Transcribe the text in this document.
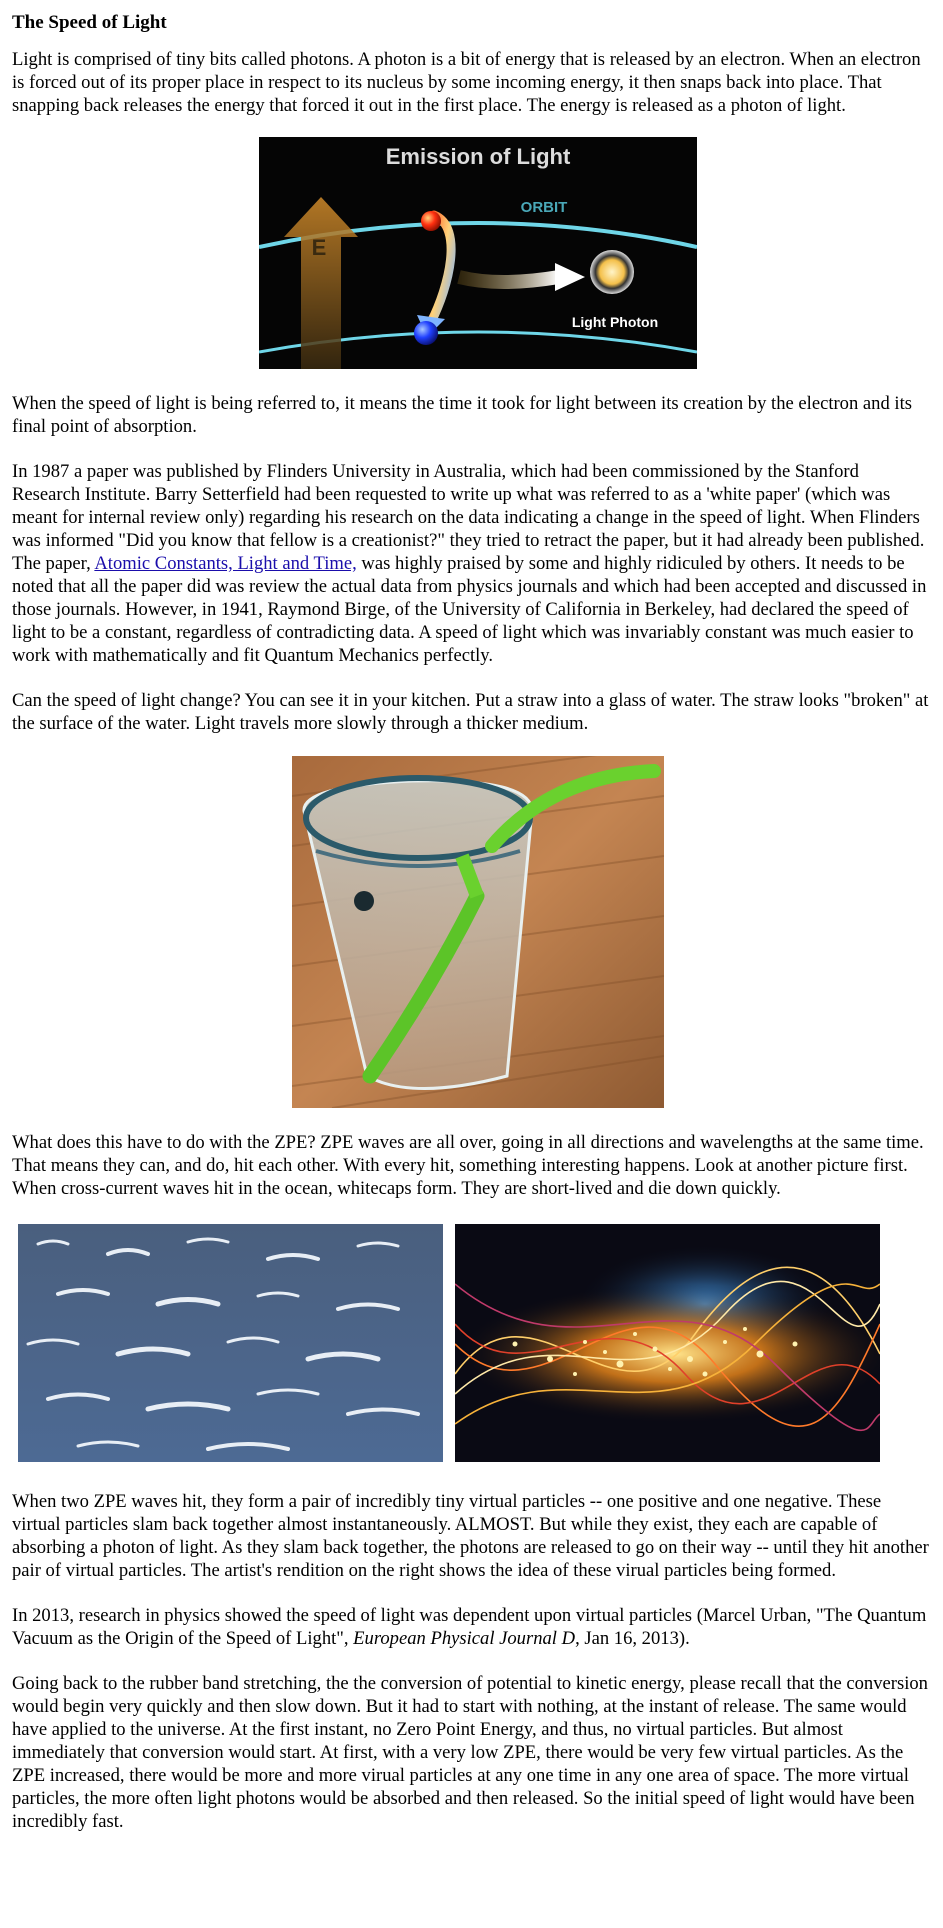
The Speed of Light

Light is comprised of tiny bits called photons. A photon is a bit of energy that is released by an electron. When an electron is forced out of its proper place in respect to its nucleus by some incoming energy, it then snaps back into place. That snapping back releases the energy that forced it out in the first place. The energy is released as a photon of light.

E
Emission of Light
ORBIT
Light Photon

When the speed of light is being referred to, it means the time it took for light between its creation by the electron and its final point of absorption.

In 1987 a paper was published by Flinders University in Australia, which had been commissioned by the Stanford Research Institute. Barry Setterfield had been requested to write up what was referred to as a 'white paper' (which was meant for internal review only) regarding his research on the data indicating a change in the speed of light. When Flinders was informed "Did you know that fellow is a creationist?" they tried to retract the paper, but it had already been published. The paper, Atomic Constants, Light and Time, was highly praised by some and highly ridiculed by others. It needs to be noted that all the paper did was review the actual data from physics journals and which had been accepted and discussed in those journals. However, in 1941, Raymond Birge, of the University of California in Berkeley, had declared the speed of light to be a constant, regardless of contradicting data. A speed of light which was invariably constant was much easier to work with mathematically and fit Quantum Mechanics perfectly.

Can the speed of light change? You can see it in your kitchen. Put a straw into a glass of water. The straw looks "broken" at the surface of the water. Light travels more slowly through a thicker medium.

What does this have to do with the ZPE? ZPE waves are all over, going in all directions and wavelengths at the same time. That means they can, and do, hit each other. With every hit, something interesting happens. Look at another picture first. When cross-current waves hit in the ocean, whitecaps form. They are short-lived and die down quickly.

When two ZPE waves hit, they form a pair of incredibly tiny virtual particles -- one positive and one negative. These virtual particles slam back together almost instantaneously. ALMOST. But while they exist, they each are capable of absorbing a photon of light. As they slam back together, the photons are released to go on their way -- until they hit another pair of virtual particles. The artist's rendition on the right shows the idea of these virual particles being formed.

In 2013, research in physics showed the speed of light was dependent upon virtual particles (Marcel Urban, "The Quantum Vacuum as the Origin of the Speed of Light", European Physical Journal D, Jan 16, 2013).

Going back to the rubber band stretching, the the conversion of potential to kinetic energy, please recall that the conversion would begin very quickly and then slow down. But it had to start with nothing, at the instant of release. The same would have applied to the universe. At the first instant, no Zero Point Energy, and thus, no virtual particles. But almost immediately that conversion would start. At first, with a very low ZPE, there would be very few virtual particles. As the ZPE increased, there would be more and more virual particles at any one time in any one area of space. The more virtual particles, the more often light photons would be absorbed and then released. So the initial speed of light would have been incredibly fast.
